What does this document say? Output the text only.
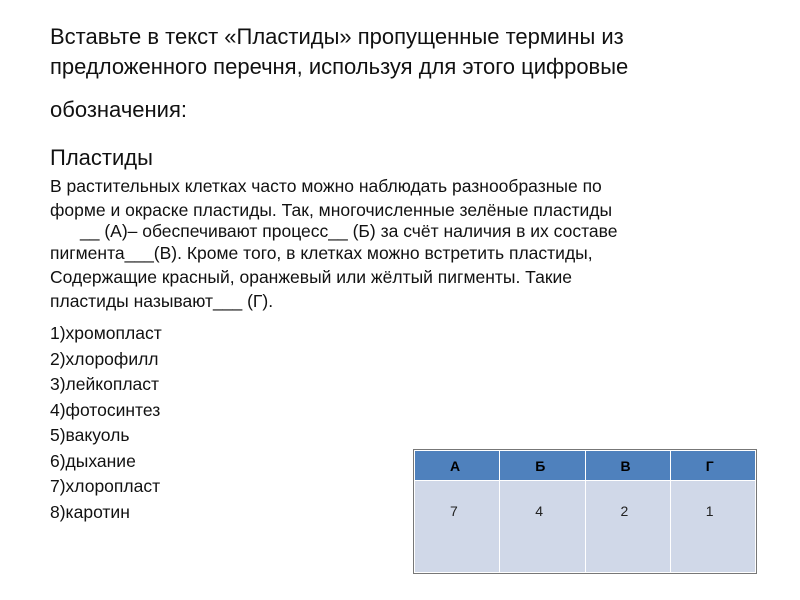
Вставьте в текст «Пластиды» пропущенные термины из
предложенного перечня, используя для этого цифровые
обозначения:
Пластиды
В растительных клетках часто можно наблюдать разнообразные по
форме и окраске пластиды. Так, многочисленные зелёные пластиды
__ (А)– обеспечивают процесс__ (Б) за счёт наличия в их составе
пигмента___(В). Кроме того, в клетках можно встретить пластиды,
Содержащие красный, оранжевый или жёлтый пигменты. Такие
пластиды называют___ (Г).
1)хромопласт
2)хлорофилл
3)лейкопласт
4)фотосинтез
5)вакуоль
6)дыхание
7)хлоропласт
8)каротин
А	Б	В	Г
7	4	2	1
